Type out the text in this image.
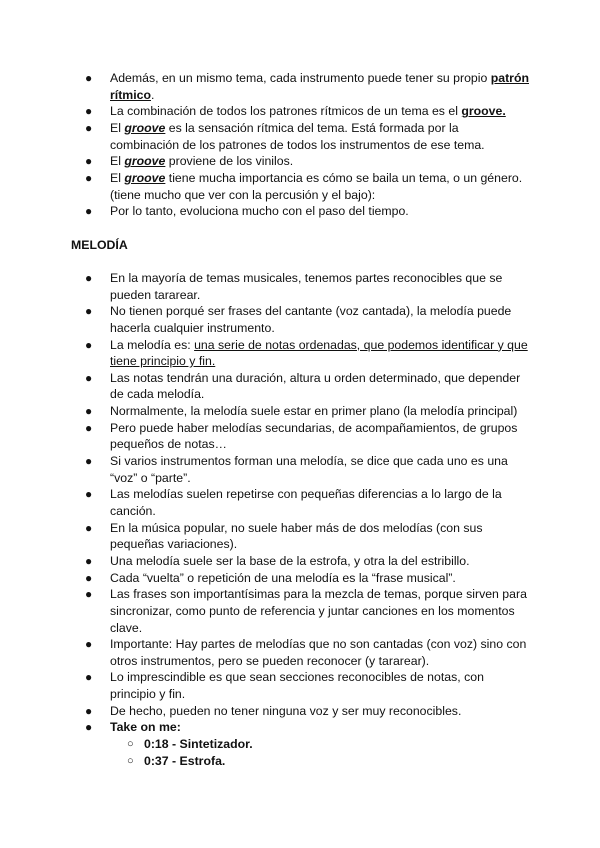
● Además, en un mismo tema, cada instrumento puede tener su propio patrón rítmico.
● La combinación de todos los patrones rítmicos de un tema es el groove.
● El groove es la sensación rítmica del tema. Está formada por la combinación de los patrones de todos los instrumentos de ese tema.
● El groove proviene de los vinilos.
● El groove tiene mucha importancia es cómo se baila un tema, o un género. (tiene mucho que ver con la percusión y el bajo):
● Por lo tanto, evoluciona mucho con el paso del tiempo.
MELODÍA
● En la mayoría de temas musicales, tenemos partes reconocibles que se pueden tararear.
● No tienen porqué ser frases del cantante (voz cantada), la melodía puede hacerla cualquier instrumento.
● La melodía es: una serie de notas ordenadas, que podemos identificar y que tiene principio y fin.
● Las notas tendrán una duración, altura u orden determinado, que depender de cada melodía.
● Normalmente, la melodía suele estar en primer plano (la melodía principal)
● Pero puede haber melodías secundarias, de acompañamientos, de grupos pequeños de notas…
● Si varios instrumentos forman una melodía, se dice que cada uno es una “voz” o “parte”.
● Las melodías suelen repetirse con pequeñas diferencias a lo largo de la canción.
● En la música popular, no suele haber más de dos melodías (con sus pequeñas variaciones).
● Una melodía suele ser la base de la estrofa, y otra la del estribillo.
● Cada “vuelta” o repetición de una melodía es la “frase musical”.
● Las frases son importantísimas para la mezcla de temas, porque sirven para sincronizar, como punto de referencia y juntar canciones en los momentos clave.
● Importante: Hay partes de melodías que no son cantadas (con voz) sino con otros instrumentos, pero se pueden reconocer (y tararear).
● Lo imprescindible es que sean secciones reconocibles de notas, con principio y fin.
● De hecho, pueden no tener ninguna voz y ser muy reconocibles.
● Take on me:
○ 0:18 - Sintetizador.
○ 0:37 - Estrofa.
